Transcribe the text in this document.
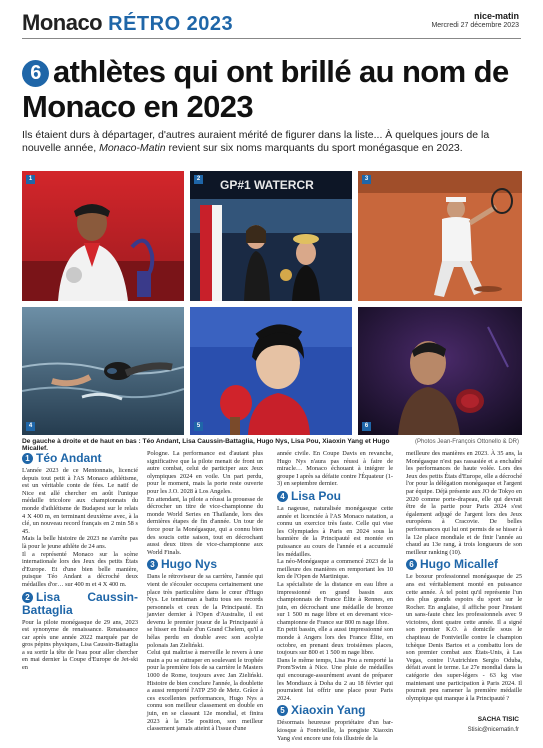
Monaco RÉTRO 2023	nice-matin
Mercredi 27 décembre 2023
6 athlètes qui ont brillé au nom de Monaco en 2023

Ils étaient durs à départager, d'autres auraient mérité de figurer dans la liste... À quelques jours de la nouvelle année, Monaco-Matin revient sur six noms marquants du sport monégasque en 2023.

1	GP#1 WATERCR
2	3
4	5	6
De gauche à droite et de haut en bas : Téo Andant, Lisa Caussin-Battaglia, Hugo Nys, Lisa Pou, Xiaoxin Yang et Hugo Micallef.
(Photos Jean-François Ottonello & DR)
1 Téo Andant

L'année 2023 de ce Mentonnais, licencié depuis tout petit à l'AS Monaco athlétisme, est un véritable conte de fées. Le natif de Nice est allé chercher en août l'unique médaille tricolore aux championnats du monde d'athlétisme de Budapest sur le relais 4 X 400 m, en terminant deuxième avec, à la clé, un nouveau record français en 2 min 58 s 45.

Mais la belle histoire de 2023 ne s'arrête pas là pour le jeune athlète de 24 ans.

Il a représenté Monaco sur la scène internationale lors des Jeux des petits États d'Europe. Et d'une bien belle manière, puisque Téo Andant a décroché deux médailles d'or… sur 400 m et 4 X 400 m.

2 Lisa Caussin-Battaglia

Pour la pilote monégasque de 29 ans, 2023 est synonyme de renaissance. Renaissance car après une année 2022 marquée par de gros pépins physiques, Lisa Caussin-Battaglia a su sortir la tête de l'eau pour aller chercher en mai dernier la Coupe d'Europe de Jet-ski en

Pologne. La performance est d'autant plus significative que la pilote menait de front un autre combat, celui de participer aux Jeux olympiques 2024 en voile. Un pari perdu, pour le moment, mais la porte reste ouverte pour les J.O. 2028 à Los Angeles.

En attendant, la pilote a réussi la prouesse de décrocher un titre de vice-championne du monde World Series en Thaïlande, lors des dernières étapes de fin d'année. Un tour de force pour la Monégasque, qui a connu bien des soucis cette saison, tout en décrochant aussi deux titres de vice-championne aux World Finals.

3 Hugo Nys

Dans le rétroviseur de sa carrière, l'année qui vient de s'écouler occupera certainement une place très particulière dans le cœur d'Hugo Nys. Le tennisman a battu tous ses records personnels et ceux de la Principauté. En janvier dernier à l'Open d'Australie, il est devenu le premier joueur de la Principauté à se hisser en finale d'un Grand Chelem, qu'il a hélas perdu en double avec son acolyte polonais Jan Zieliński.

Celui qui maîtrise à merveille le revers à une main a pu se rattraper en soulevant le trophée pour la première fois de sa carrière le Masters 1000 de Rome, toujours avec Jan Zieliński. Histoire de bien conclure l'année, la doublette a aussi remporté l'ATP 250 de Metz. Grâce à ces excellentes performances, Hugo Nys a connu son meilleur classement en double en juin, en se classant 12e mondial, et finira 2023 à la 15e position, son meilleur classement jamais atteint à l'issue d'une

année civile. En Coupe Davis en revanche, Hugo Nys n'aura pas réussi à faire de miracle… Monaco échouant à intégrer le groupe I après sa défaite contre l'Équateur (1-3) en septembre dernier.

4 Lisa Pou

La nageuse, naturalisée monégasque cette année et licenciée à l'AS Monaco natation, a connu un exercice très faste. Celle qui vise les Olympiades à Paris en 2024 sous la bannière de la Principauté est montée en puissance au cours de l'année et a accumulé les médailles.

La néo-Monégasque a commencé 2023 de la meilleure des manières en remportant les 10 km de l'Open de Martinique.

La spécialiste de la distance en eau libre a impressionné en grand bassin aux championnats de France Élite à Rennes, en juin, en décrochant une médaille de bronze sur 1 500 m nage libre et en devenant vice-championne de France sur 800 m nage libre.

En petit bassin, elle a aussi impressionné son monde à Angers lors des France Élite, en octobre, en prenant deux troisièmes places, toujours sur 800 et 1 500 m nage libre.

Dans le même temps, Lisa Pou a remporté la Prom'Swim à Nice. Une pluie de médailles qui encourage-assurément avant de préparer les Mondiaux à Doha du 2 au 18 février qui pourraient lui offrir une place pour Paris 2024.

5 Xiaoxin Yang

Désormais heureuse propriétaire d'un bar-kiosque à Fontvieille, la pongiste Xiaoxin Yang s'est encore une fois illustrée de la

meilleure des manières en 2023. À 35 ans, la Monégasque n'est pas rassasiée et a enchaîné les performances de haute volée. Lors des Jeux des petits États d'Europe, elle a décroché l'or pour la délégation monégasque et l'argent par équipe. Déjà présente aux JO de Tokyo en 2020 comme porte-drapeau, elle qui devrait être de la partie pour Paris 2024 s'est également adjugé de l'argent lors des Jeux européens à Cracovie. De belles performances qui lui ont permis de se hisser à la 12e place mondiale et de finir l'année au chaud au 13e rang, à trois longueurs de son meilleur ranking (10).

6 Hugo Micallef

Le boxeur professionnel monégasque de 25 ans est véritablement monté en puissance cette année. À tel point qu'il représente l'un des plus grands espoirs du sport sur le Rocher. En anglaise, il affiche pour l'instant un sans-faute chez les professionnels avec 9 victoires, dont quatre cette année. Il a signé son premier K.O. à domicile sous le chapiteau de Fontvieille contre le champion tchèque Denis Bartos et a combattu lors de son premier combat aux États-Unis, à Las Vegas, contre l'Autrichien Sergio Oduba, défait avant le terme. Le 27e mondial dans la catégorie des super-légers - 63 kg vise maintenant une participation à Paris 2024. Il pourrait peu ramener la première médaille olympique qui manque à la Principauté ?

SACHA TISIC
Stisic@nicematin.fr
